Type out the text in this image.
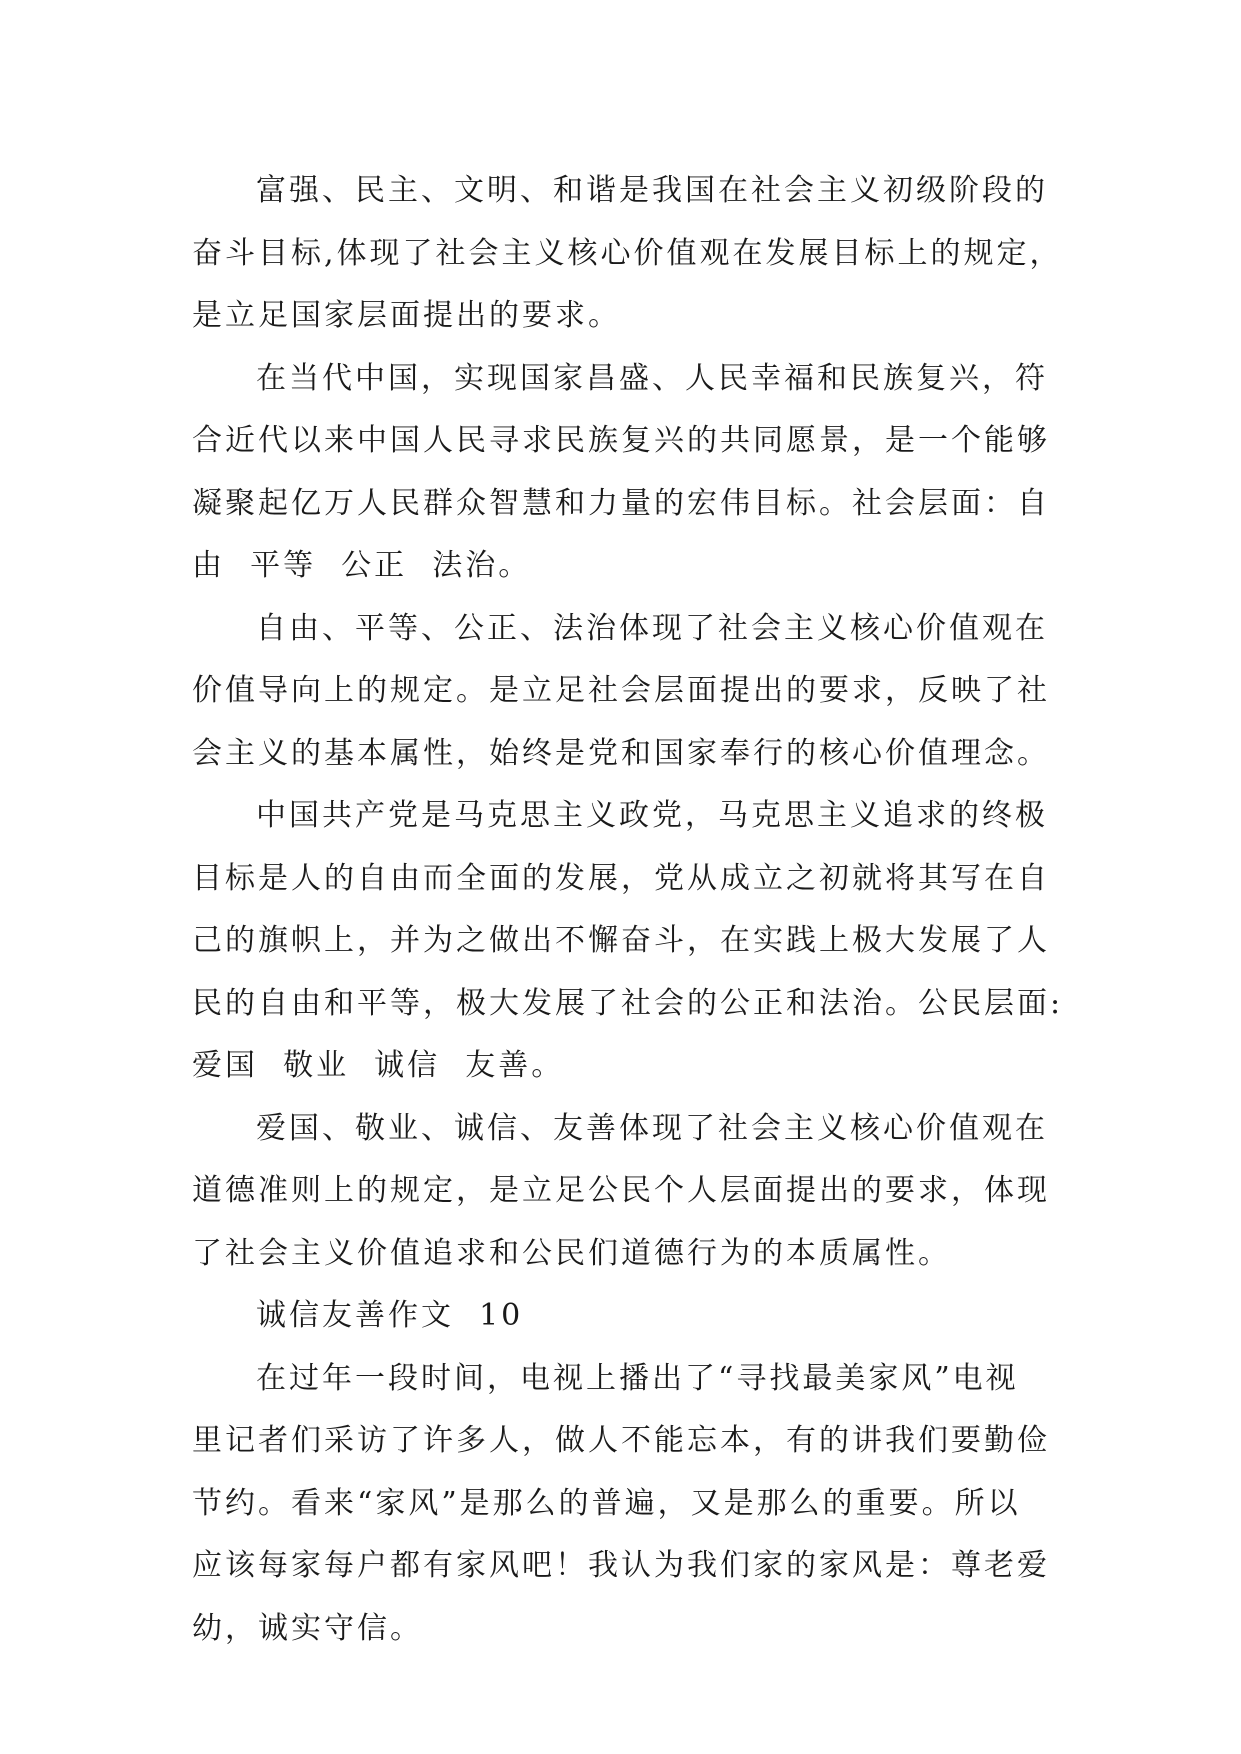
富强、民主、文明、和谐是我国在社会主义初级阶段的
奋斗目标,体现了社会主义核心价值观在发展目标上的规定，
是立足国家层面提出的要求。
在当代中国，实现国家昌盛、人民幸福和民族复兴，符
合近代以来中国人民寻求民族复兴的共同愿景，是一个能够
凝聚起亿万人民群众智慧和力量的宏伟目标。社会层面：自
由  平等  公正  法治。
自由、平等、公正、法治体现了社会主义核心价值观在
价值导向上的规定。是立足社会层面提出的要求，反映了社
会主义的基本属性，始终是党和国家奉行的核心价值理念。
中国共产党是马克思主义政党，马克思主义追求的终极
目标是人的自由而全面的发展，党从成立之初就将其写在自
己的旗帜上，并为之做出不懈奋斗，在实践上极大发展了人
民的自由和平等，极大发展了社会的公正和法治。公民层面:
爱国  敬业  诚信  友善。
爱国、敬业、诚信、友善体现了社会主义核心价值观在
道德准则上的规定，是立足公民个人层面提出的要求，体现
了社会主义价值追求和公民们道德行为的本质属性。
诚信友善作文  10
在过年一段时间，电视上播出了“寻找最美家风”电视
里记者们采访了许多人，做人不能忘本，有的讲我们要勤俭
节约。看来“家风”是那么的普遍，又是那么的重要。所以
应该每家每户都有家风吧！我认为我们家的家风是：尊老爱
幼，诚实守信。
